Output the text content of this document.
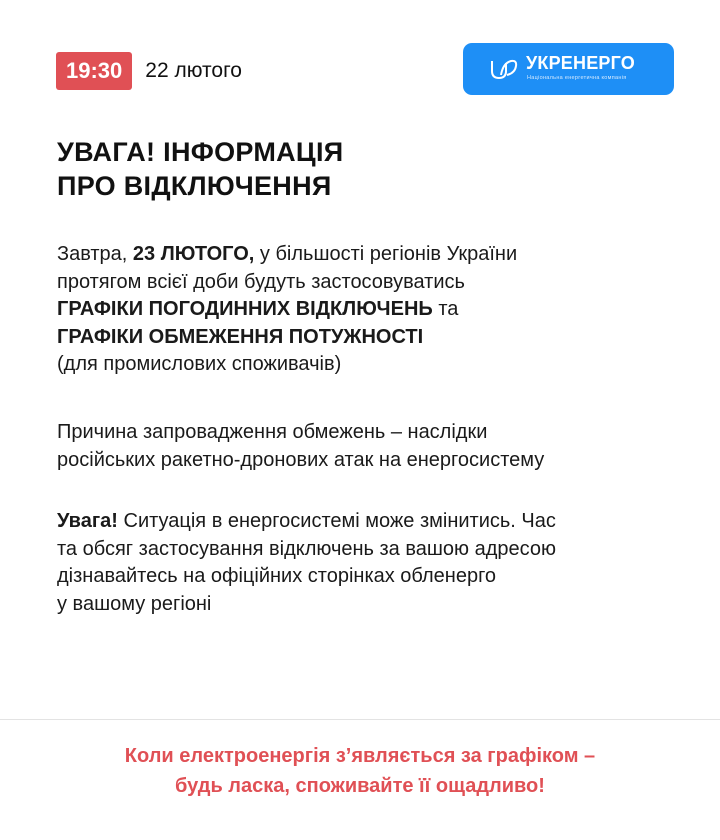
19:30	22 лютого	УКРЕНЕРГО
Національна енергетична компанія
УВАГА! ІНФОРМАЦІЯ
ПРО ВІДКЛЮЧЕННЯ
Завтра, 23 ЛЮТОГО, у більшості регіонів України
протягом всієї доби будуть застосовуватись
ГРАФІКИ ПОГОДИННИХ ВІДКЛЮЧЕНЬ та
ГРАФІКИ ОБМЕЖЕННЯ ПОТУЖНОСТІ
(для промислових споживачів)
Причина запровадження обмежень – наслідки
російських ракетно-дронових атак на енергосистему
Увага! Ситуація в енергосистемі може змінитись. Час
та обсяг застосування відключень за вашою адресою
дізнавайтесь на офіційних сторінках обленерго
у вашому регіоні
Коли електроенергія з’являється за графіком –
будь ласка, споживайте її ощадливо!
